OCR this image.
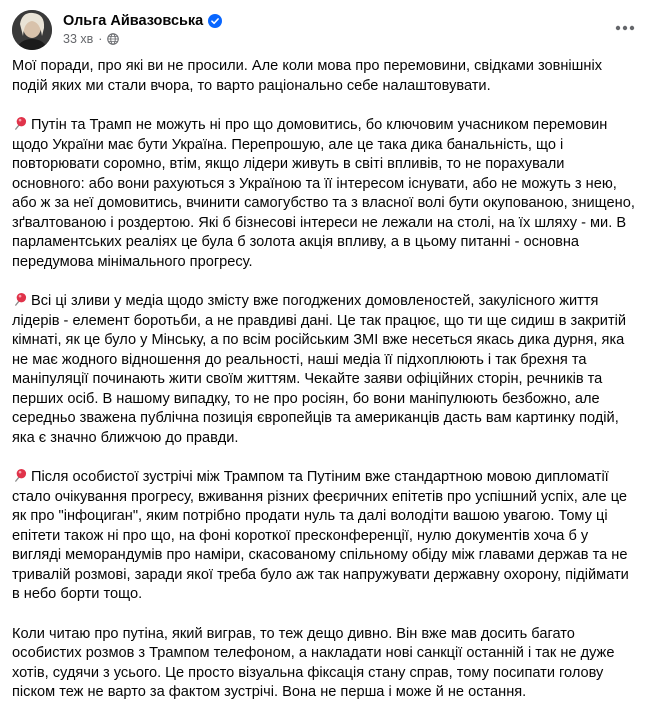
Ольга Айвазовська
33 хв ·

Мої поради, про які ви не просили. Але коли мова про перемовини, свідками зовнішніх подій яких ми стали вчора, то варто раціонально себе налаштовувати.

Путін та Трамп не можуть ні про що домовитись, бо ключовим учасником перемовин щодо України має бути Україна. Перепрошую, але це така дика банальність, що і повторювати соромно, втім, якщо лідери живуть в світі впливів, то не порахували основного: або вони рахуються з Україною та її інтересом існувати, або не можуть з нею, або ж за неї домовитись, вчинити самогубство та з власної волі бути окупованою, знищено, зґвалтованою і роздертою. Які б бізнесові інтереси не лежали на столі, на їх шляху - ми. В парламентських реаліях це була б золота акція впливу, а в цьому питанні - основна передумова мінімального прогресу.

Всі ці зливи у медіа щодо змісту вже погоджених домовленостей, закулісного життя лідерів - елемент боротьби, а не правдиві дані. Це так працює, що ти ще сидиш в закритій кімнаті, як це було у Мінську, а по всім російським ЗМІ вже несеться якась дика дурня, яка не має жодного відношення до реальності, наші медіа її підхоплюють і так брехня та маніпуляції починають жити своїм життям. Чекайте заяви офіційних сторін, речників та перших осіб. В нашому випадку, то не про росіян, бо вони маніпулюють безбожно, але середньо зважена публічна позиція європейців та американців дасть вам картинку подій, яка є значно ближчою до правди.

Після особистої зустрічі між Трампом та Путіним вже стандартною мовою дипломатії стало очікування прогресу, вживання різних феєричних епітетів про успішний успіх, але це як про "інфоциган", яким потрібно продати нуль та далі володіти вашою увагою. Тому ці епітети також ні про що, на фоні короткої пресконференції, нулю документів хоча б у вигляді меморандумів про наміри, скасованому спільному обіду між главами держав та не тривалій розмові, заради якої треба було аж так напружувати державну охорону, підіймати в небо борти тощо.

Коли читаю про путіна, який виграв, то теж дещо дивно. Він вже мав досить багато особистих розмов з Трампом телефоном, а накладати нові санкції останній і так не дуже хотів, судячи з усього. Це просто візуальна фіксація стану справ, тому посипати голову піском теж не варто за фактом зустрічі. Вона не перша і може й не остання.
